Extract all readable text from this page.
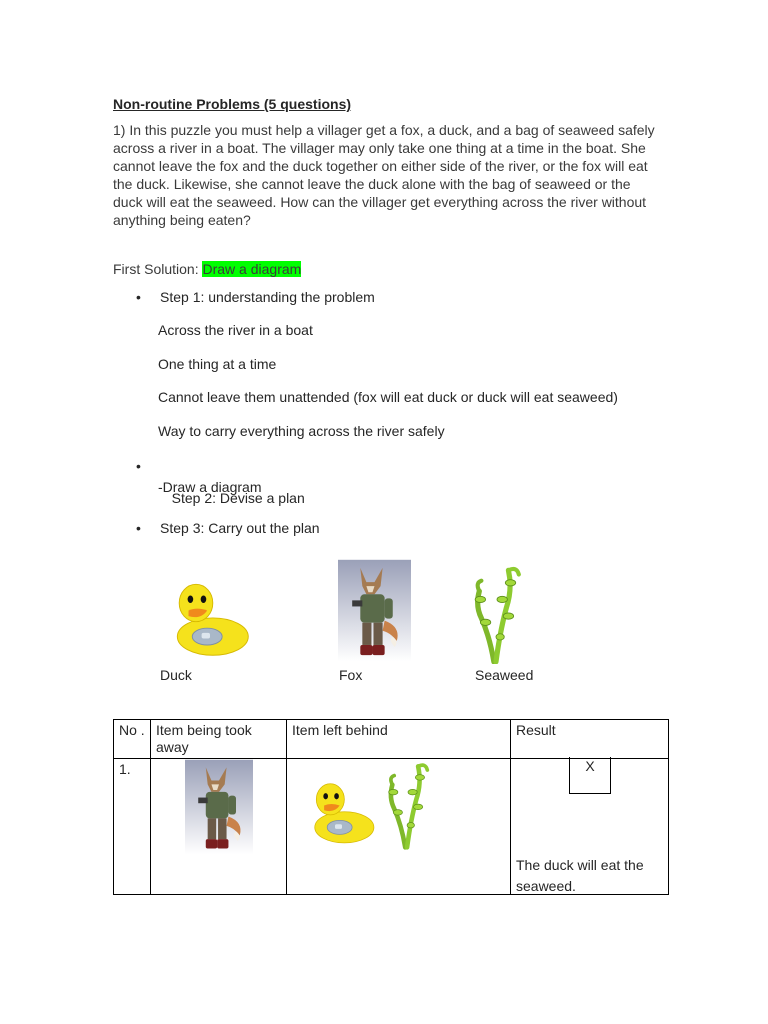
Non-routine Problems (5 questions)
1) In this puzzle you must help a villager get a fox, a duck, and a bag of seaweed safely across a river in a boat. The villager may only take one thing at a time in the boat. She cannot leave the fox and the duck together on either side of the river, or the fox will eat the duck. Likewise, she cannot leave the duck alone with the bag of seaweed or the duck will eat the seaweed. How can the villager get everything across the river without anything being eaten?
First Solution: Draw a diagram
• Step 1: understanding the problem
Across the river in a boat
One thing at a time
Cannot leave them unattended (fox will eat duck or duck will eat seaweed)
Way to carry everything across the river safely

•

Step 2: Devise a plan

-Draw a diagram
• Step 3: Carry out the plan
Duck	Fox	Seaweed
No .	Item being took away	Item left behind	Result
1.			The duck will eat the seaweed.
X
